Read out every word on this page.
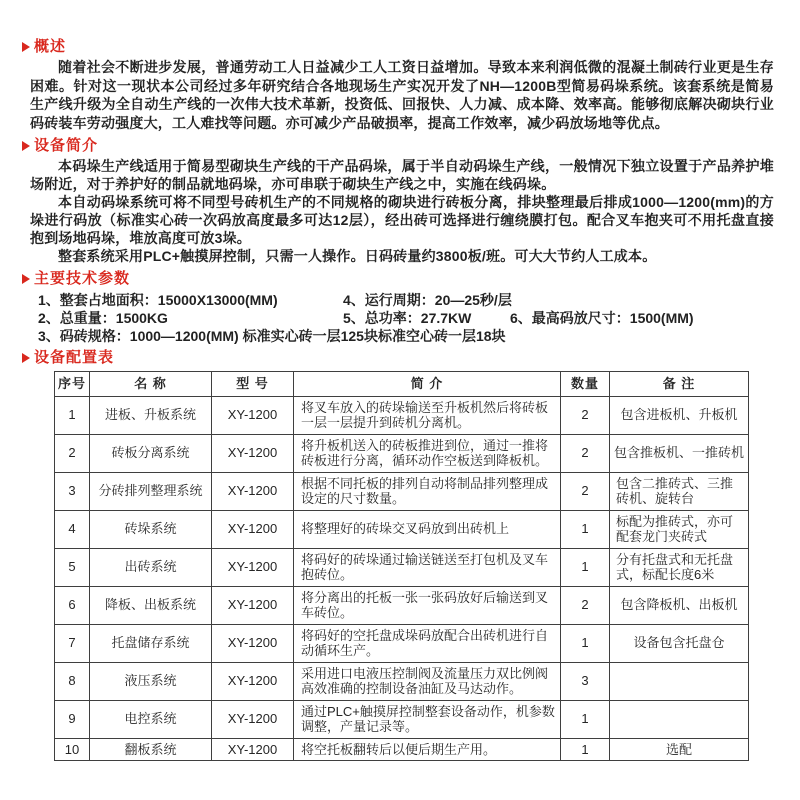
概述

随着社会不断进步发展，普通劳动工人日益减少工人工资日益增加。导致本来利润低微的混凝土制砖行业更是生存困难。针对这一现状本公司经过多年研究结合各地现场生产实况开发了NH—1200B型简易码垛系统。该套系统是简易生产线升级为全自动生产线的一次伟大技术革新，投资低、回报快、人力减、成本降、效率高。能够彻底解决砌块行业码砖装车劳动强度大，工人难找等问题。亦可减少产品破损率，提高工作效率，减少码放场地等优点。

设备简介

本码垛生产线适用于简易型砌块生产线的干产品码垛，属于半自动码垛生产线，一般情况下独立设置于产品养护堆场附近，对于养护好的制品就地码垛，亦可串联于砌块生产线之中，实施在线码垛。

本自动码垛系统可将不同型号砖机生产的不同规格的砌块进行砖板分离，排块整理最后排成1000—1200(mm)的方垛进行码放（标准实心砖一次码放高度最多可达12层），经出砖可选择进行缠绕膜打包。配合叉车抱夹可不用托盘直接抱到场地码垛，堆放高度可放3垛。

整套系统采用PLC+触摸屏控制，只需一人操作。日码砖量约3800板/班。可大大节约人工成本。

主要技术参数
1、整套占地面积：15000X13000(MM)	4、运行周期：20—25秒/层
2、总重量：1500KG	5、总功率：27.7KW	6、最高码放尺寸：1500(MM)
3、码砖规格：1000—1200(MM) 标准实心砖一层125块标准空心砖一层18块
设备配置表
序号	名 称	型 号	简 介	数量	备 注
1	进板、升板系统	XY-1200	将叉车放入的砖垛输送至升板机然后将砖板一层一层提升到砖机分离机。	2	包含进板机、升板机
2	砖板分离系统	XY-1200	将升板机送入的砖板推进到位，通过一推将砖板进行分离，循环动作空板送到降板机。	2	包含推板机、一推砖机
3	分砖排列整理系统	XY-1200	根据不同托板的排列自动将制品排列整理成设定的尺寸数量。	2	包含二推砖式、三推砖机、旋转台
4	砖垛系统	XY-1200	将整理好的砖垛交叉码放到出砖机上	1	标配为推砖式，亦可配套龙门夹砖式
5	出砖系统	XY-1200	将码好的砖垛通过输送链送至打包机及叉车抱砖位。	1	分有托盘式和无托盘式，标配长度6米
6	降板、出板系统	XY-1200	将分离出的托板一张一张码放好后输送到叉车砖位。	2	包含降板机、出板机
7	托盘储存系统	XY-1200	将码好的空托盘成垛码放配合出砖机进行自动循环生产。	1	设备包含托盘仓
8	液压系统	XY-1200	采用进口电液压控制阀及流量压力双比例阀高效准确的控制设备油缸及马达动作。	3	
9	电控系统	XY-1200	通过PLC+触摸屏控制整套设备动作，机参数调整，产量记录等。	1	
10	翻板系统	XY-1200	将空托板翻转后以便后期生产用。	1	选配
